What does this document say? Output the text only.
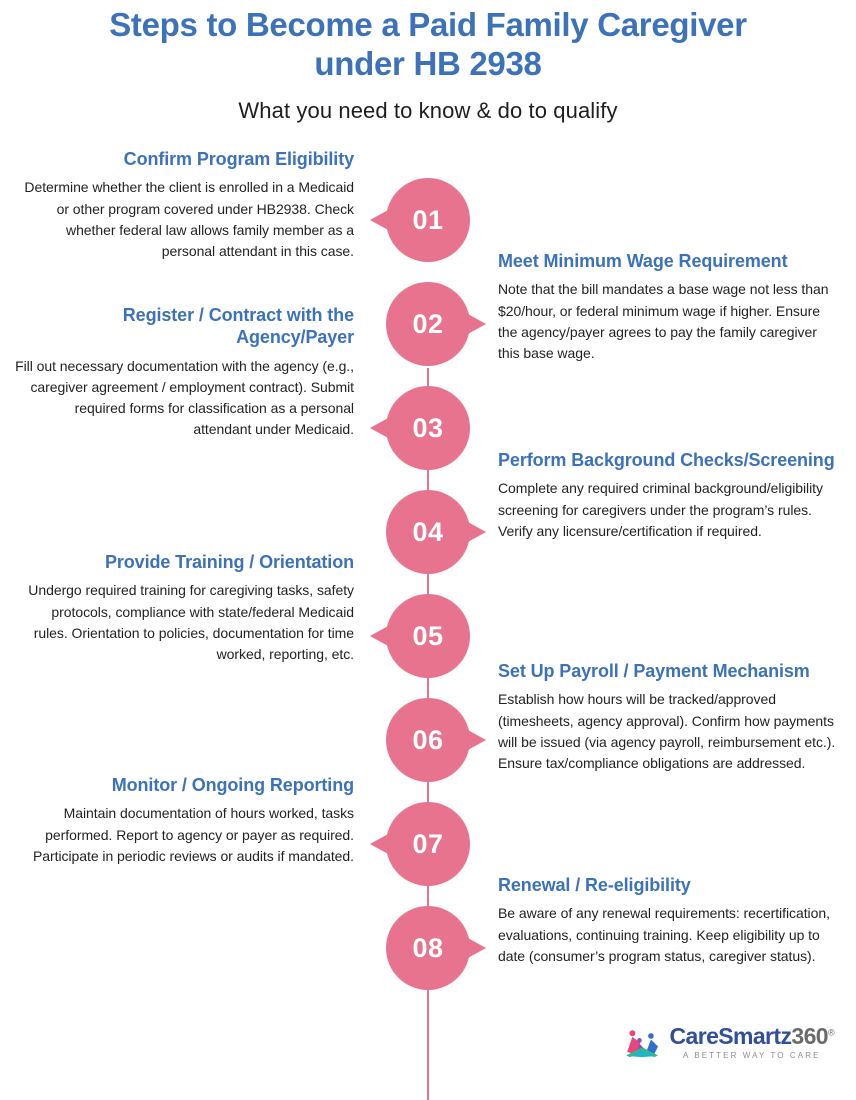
Steps to Become a Paid Family Caregiver under HB 2938
What you need to know & do to qualify
Confirm Program Eligibility
Determine whether the client is enrolled in a Medicaid or other program covered under HB2938. Check whether federal law allows family member as a personal attendant in this case.
01
Meet Minimum Wage Requirement
Note that the bill mandates a base wage not less than $20/hour, or federal minimum wage if higher. Ensure the agency/payer agrees to pay the family caregiver this base wage.
02
Register / Contract with the Agency/Payer
Fill out necessary documentation with the agency (e.g., caregiver agreement / employment contract). Submit required forms for classification as a personal attendant under Medicaid. 03
Perform Background Checks/Screening
Complete any required criminal background/eligibility screening for caregivers under the program’s rules. Verify any licensure/certification if required.
04
Provide Training / Orientation
Undergo required training for caregiving tasks, safety protocols, compliance with state/federal Medicaid rules. Orientation to policies, documentation for time worked, reporting, etc.
05
Set Up Payroll / Payment Mechanism
Establish how hours will be tracked/approved (timesheets, agency approval). Confirm how payments will be issued (via agency payroll, reimbursement etc.). Ensure tax/compliance obligations are addressed.
06
Monitor / Ongoing Reporting
Maintain documentation of hours worked, tasks performed. Report to agency or payer as required. Participate in periodic reviews or audits if mandated. 07
Renewal / Re-eligibility
Be aware of any renewal requirements: recertification, evaluations, continuing training. Keep eligibility up to date (consumer’s program status, caregiver status).
08
CareSmartz360®
A BETTER WAY TO CARE
